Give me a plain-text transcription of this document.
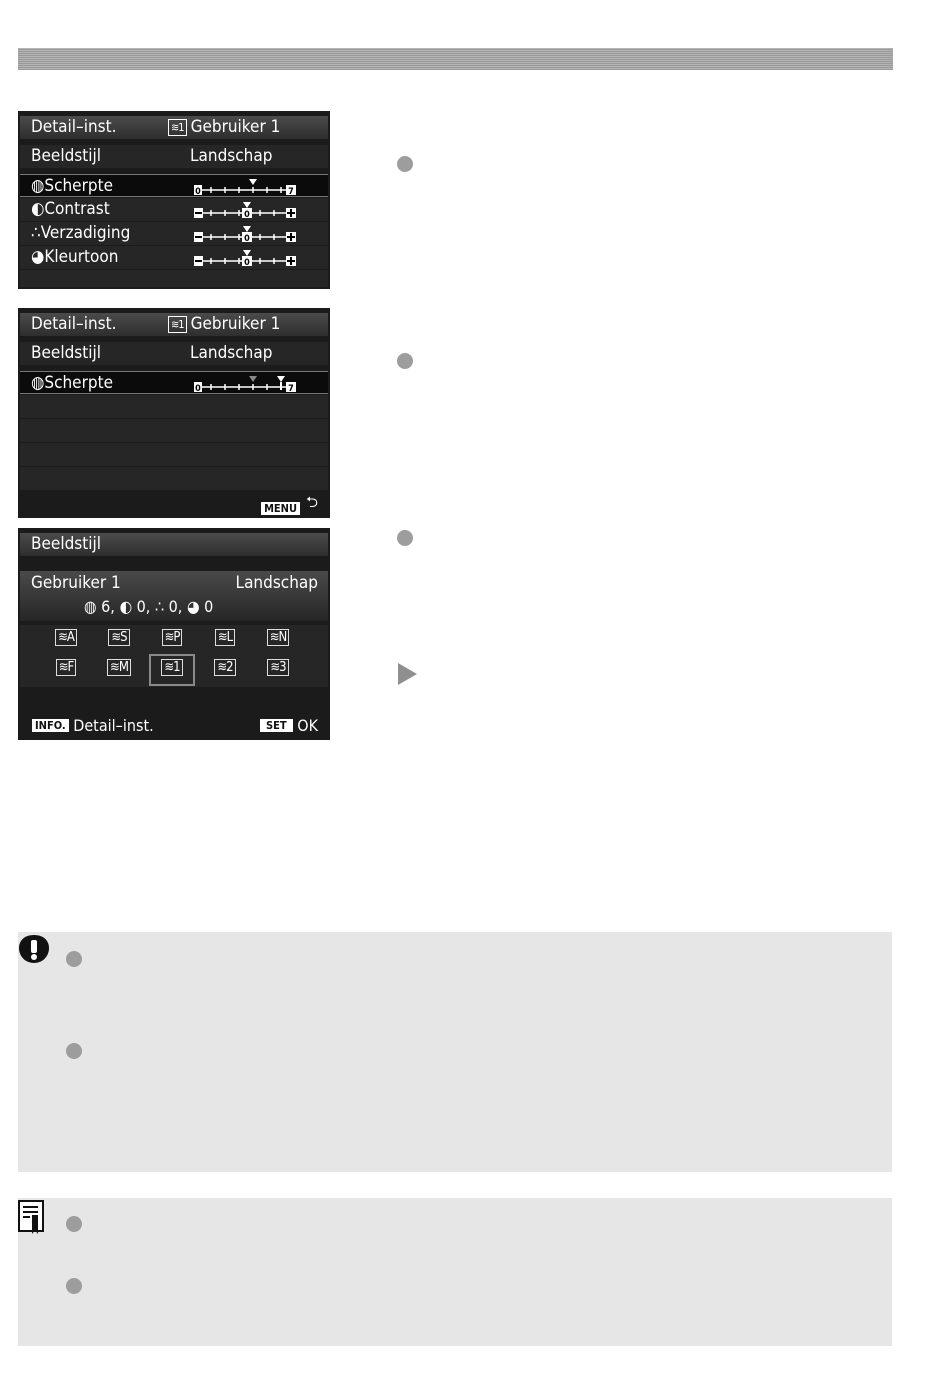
Detail–inst.	≋1 Gebruiker 1
Beeldstijl	Landschap
◍Scherpte	0	7
◐Contrast	0
∴Verzadiging	0
◕Kleurtoon	0
Detail–inst.	≋1 Gebruiker 1
Beeldstijl	Landschap
◍Scherpte	0	7
MENU ⮌
Beeldstijl
Gebruiker 1	Landschap
◍ 6, ◐ 0, ∴ 0, ◕ 0
≋A	≋S	≋P	≋L	≋N
≋F	≋M	≋1	≋2	≋3
INFO. Detail–inst.	SET OK
